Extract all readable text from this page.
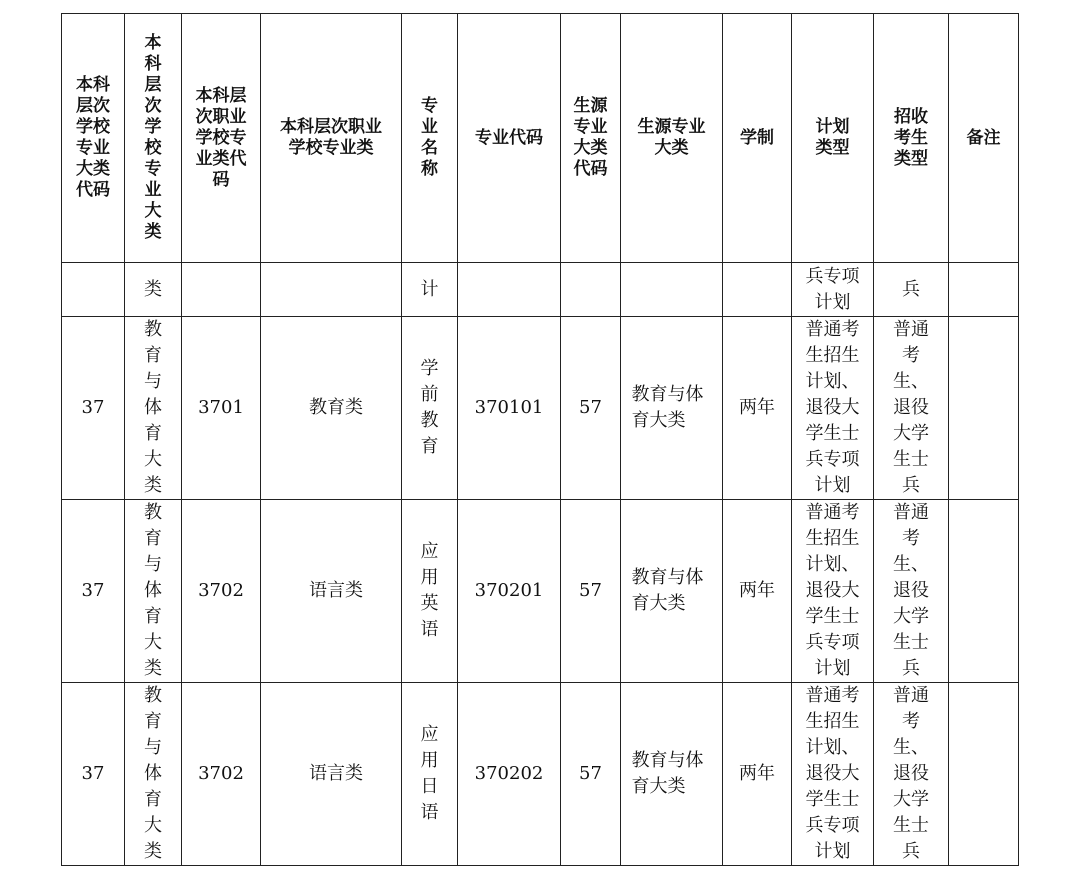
本科层次学校专业大类代码	本科层次学校专业大类	本科层次职业学校专业类代码	本科层次职业学校专业类	专业名称	专业代码	生源专业大类代码	生源专业大类	学制	计划类型	招收考生类型	备注

	类			计					兵专项计划	兵	

37	教育与体育大类	3701	教育类	学前教育	370101	57	教育与体育大类	两年	普通考生招生计划、退役大学生士兵专项计划	普通考生、退役大学生士兵	

37	教育与体育大类	3702	语言类	应用英语	370201	57	教育与体育大类	两年	普通考生招生计划、退役大学生士兵专项计划	普通考生、退役大学生士兵	

37	教育与体育大类	3702	语言类	应用日语	370202	57	教育与体育大类	两年	普通考生招生计划、退役大学生士兵专项计划	普通考生、退役大学生士兵	
